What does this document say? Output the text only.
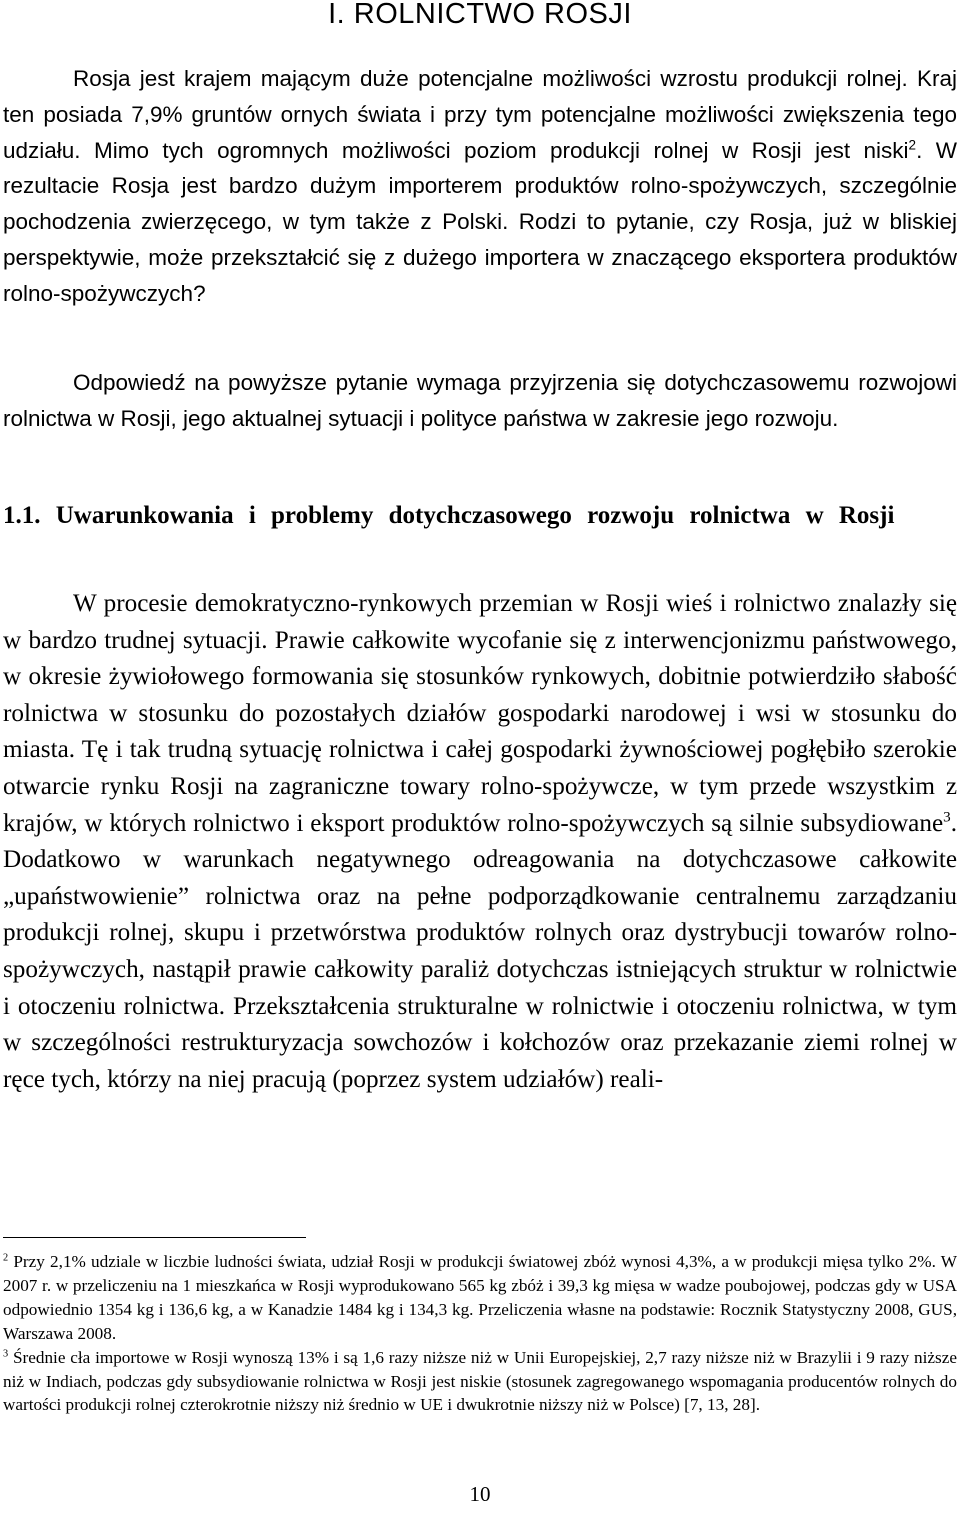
I. ROLNICTWO ROSJI

Rosja jest krajem mającym duże potencjalne możliwości wzrostu produkcji rolnej. Kraj ten posiada 7,9% gruntów ornych świata i przy tym potencjalne możliwości zwiększenia tego udziału. Mimo tych ogromnych możliwości poziom produkcji rolnej w Rosji jest niski$^2$. W rezultacie Rosja jest bardzo dużym importerem produktów rolno-spożywczych, szczególnie pochodzenia zwierzęcego, w tym także z Polski. Rodzi to pytanie, czy Rosja, już w bliskiej perspektywie, może przekształcić się z dużego importera w znaczącego eksportera produktów rolno-spożywczych?

Odpowiedź na powyższe pytanie wymaga przyjrzenia się dotychczasowemu rozwojowi rolnictwa w Rosji, jego aktualnej sytuacji i polityce państwa w zakresie jego rozwoju.

1.1. Uwarunkowania i problemy dotychczasowego rozwoju rolnictwa w Rosji

W procesie demokratyczno-rynkowych przemian w Rosji wieś i rolnictwo znalazły się w bardzo trudnej sytuacji. Prawie całkowite wycofanie się z interwencjonizmu państwowego, w okresie żywiołowego formowania się stosunków rynkowych, dobitnie potwierdziło słabość rolnictwa w stosunku do pozostałych działów gospodarki narodowej i wsi w stosunku do miasta. Tę i tak trudną sytuację rolnictwa i całej gospodarki żywnościowej pogłębiło szerokie otwarcie rynku Rosji na zagraniczne towary rolno-spożywcze, w tym przede wszystkim z krajów, w których rolnictwo i eksport produktów rolno-spożywczych są silnie subsydiowane$^3$. Dodatkowo w warunkach negatywnego odreagowania na dotychczasowe całkowite „upaństwowienie” rolnictwa oraz na pełne podporządkowanie centralnemu zarządzaniu produkcji rolnej, skupu i przetwórstwa produktów rolnych oraz dystrybucji towarów rolno-spożywczych, nastąpił prawie całkowity paraliż dotychczas istniejących struktur w rolnictwie i otoczeniu rolnictwa. Przekształcenia strukturalne w rolnictwie i otoczeniu rolnictwa, w tym w szczególności restrukturyzacja sowchozów i kołchozów oraz przekazanie ziemi rolnej w ręce tych, którzy na niej pracują (poprzez system udziałów) reali-

$^2$ Przy 2,1% udziale w liczbie ludności świata, udział Rosji w produkcji światowej zbóż wynosi 4,3%, a w produkcji mięsa tylko 2%. W 2007 r. w przeliczeniu na 1 mieszkańca w Rosji wyprodukowano 565 kg zbóż i 39,3 kg mięsa w wadze poubojowej, podczas gdy w USA odpowiednio 1354 kg i 136,6 kg, a w Kanadzie 1484 kg i 134,3 kg. Przeliczenia własne na podstawie: Rocznik Statystyczny 2008, GUS, Warszawa 2008.

$^3$ Średnie cła importowe w Rosji wynoszą 13% i są 1,6 razy niższe niż w Unii Europejskiej, 2,7 razy niższe niż w Brazylii i 9 razy niższe niż w Indiach, podczas gdy subsydiowanie rolnictwa w Rosji jest niskie (stosunek zagregowanego wspomagania producentów rolnych do wartości produkcji rolnej czterokrotnie niższy niż średnio w UE i dwukrotnie niższy niż w Polsce) [7, 13, 28].

10
